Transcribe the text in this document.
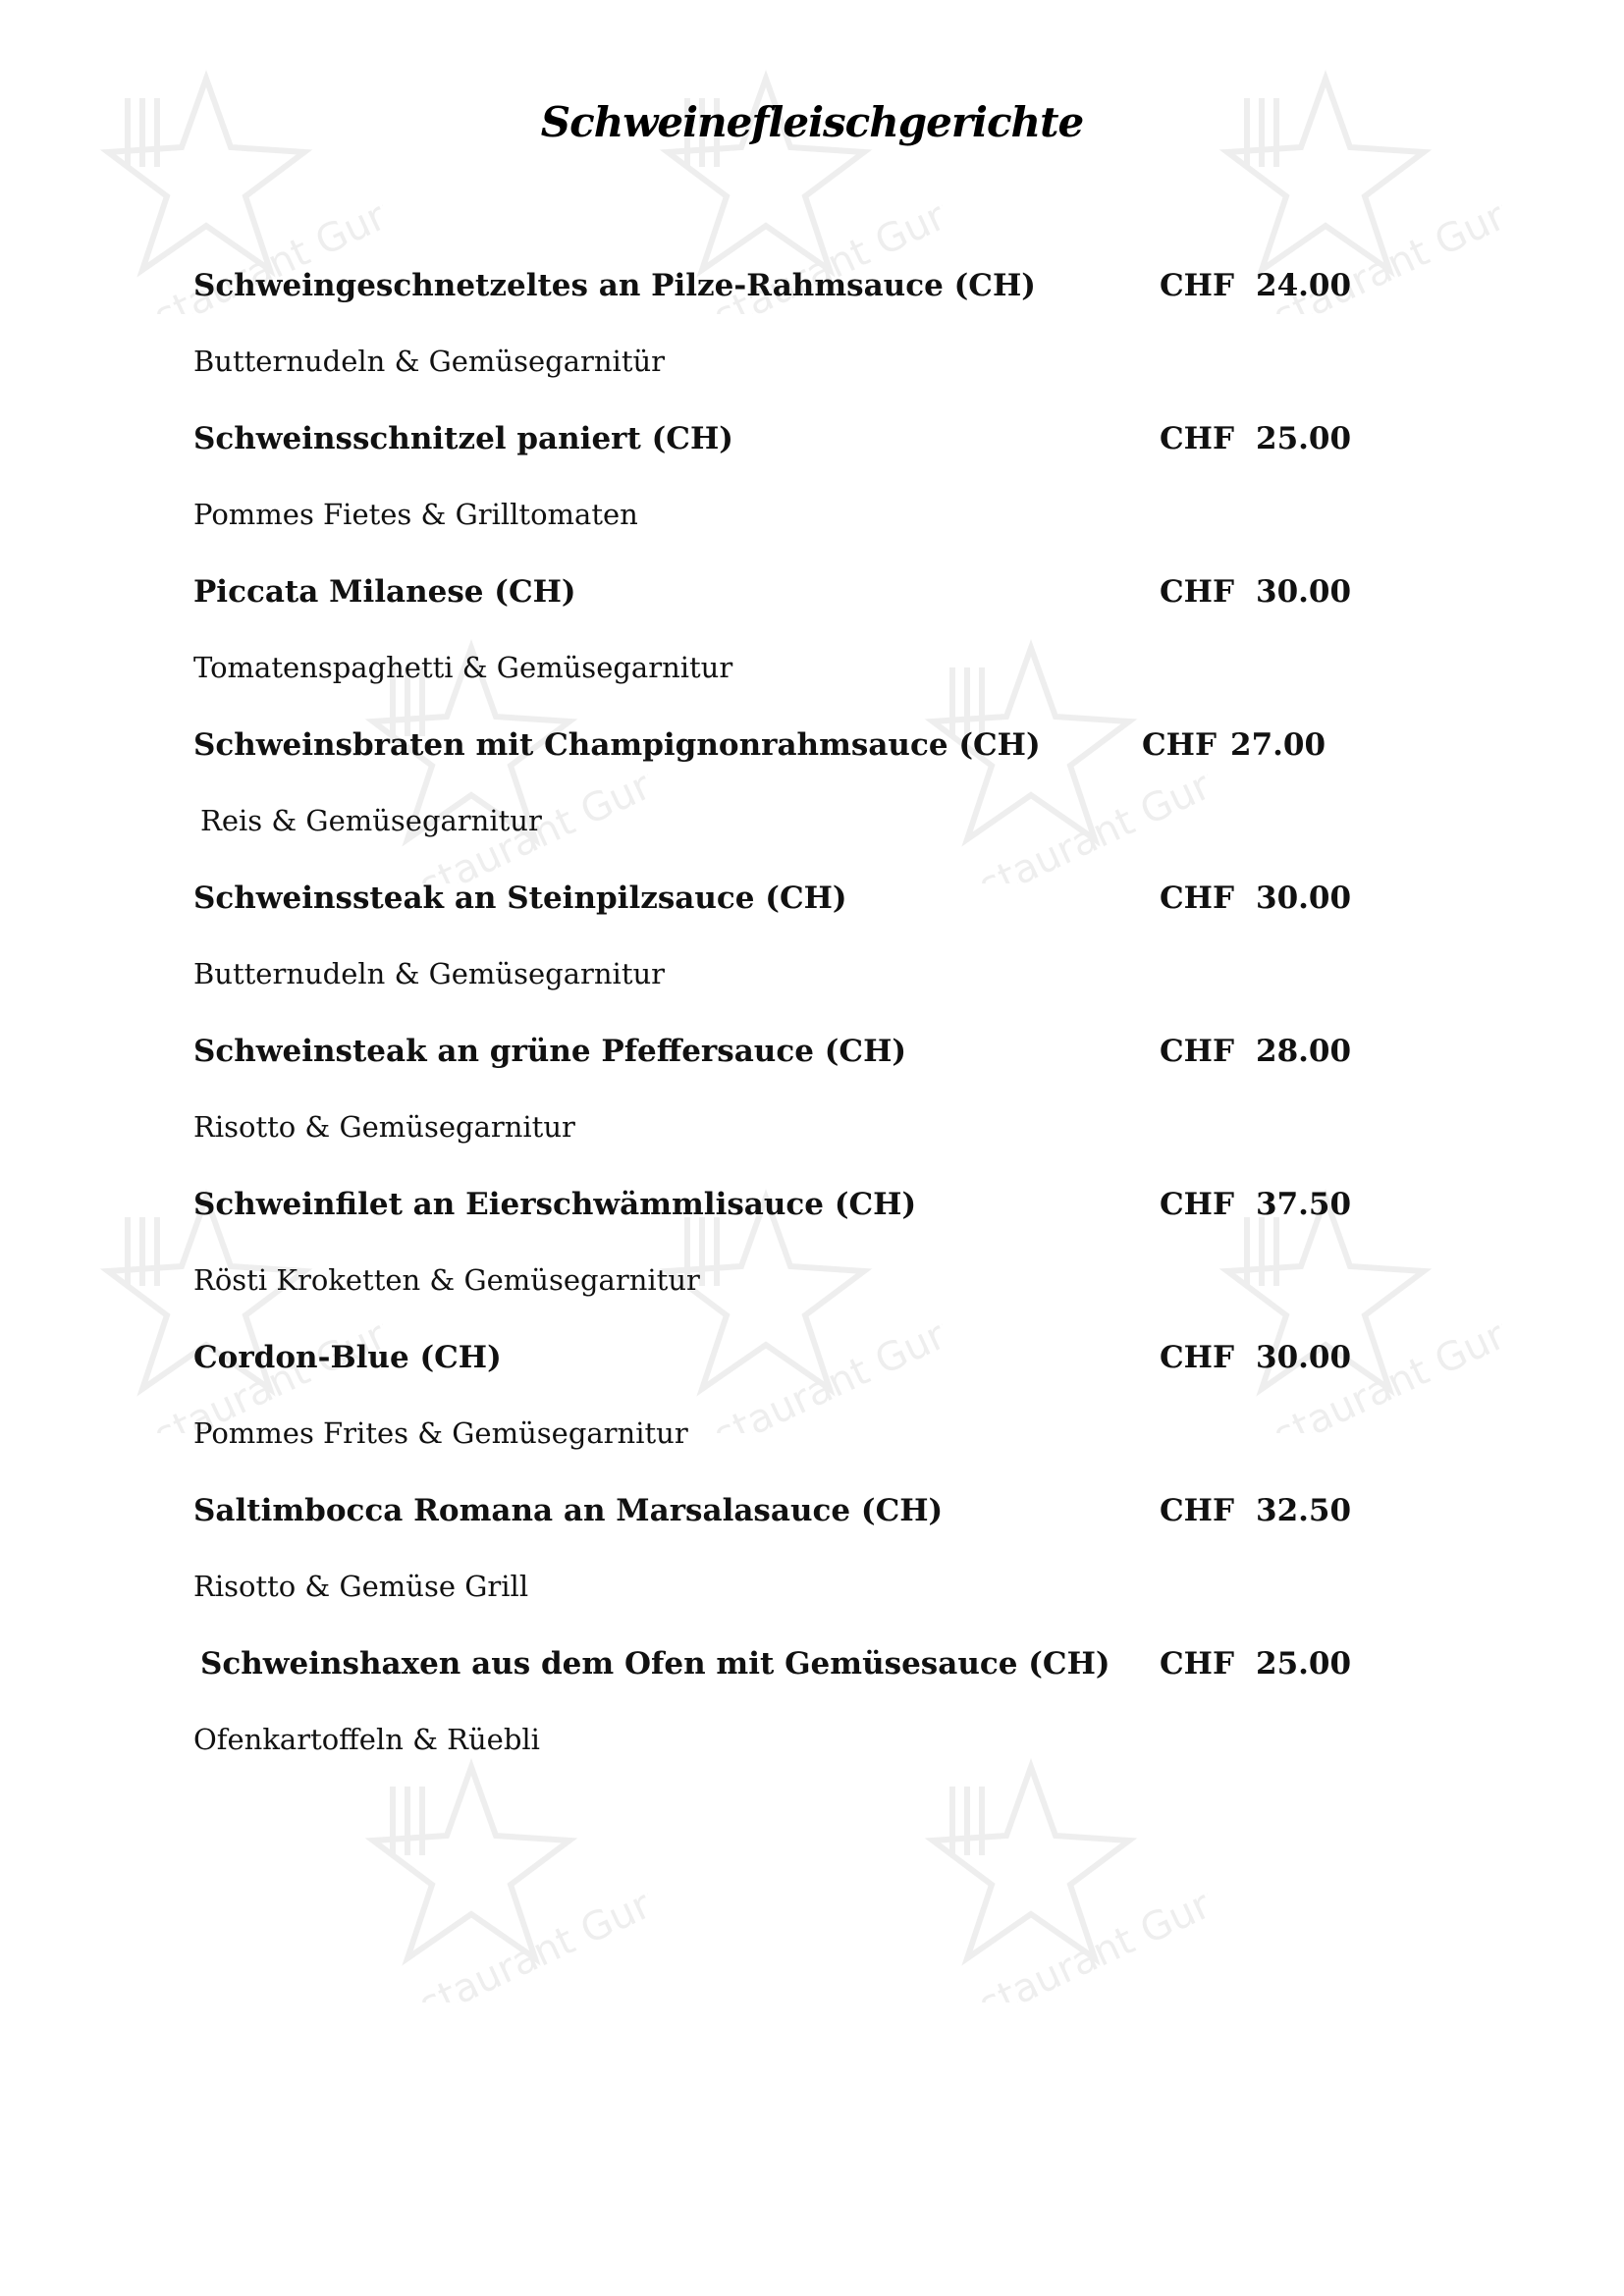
Restaurant Guru
Restaurant Guru
Restaurant Guru
Restaurant Guru
Restaurant Guru
Restaurant Guru
Restaurant Guru
Restaurant Guru
Restaurant Guru
Restaurant Guru
Schweinefleischgerichte
Schweingeschnetzeltes an Pilze-Rahmsauce (CH)	CHF 24.00
Butternudeln & Gemüsegarnitür
Schweinsschnitzel paniert (CH)	CHF 25.00
Pommes Fietes & Grilltomaten
Piccata Milanese (CH)	CHF 30.00
Tomatenspaghetti & Gemüsegarnitur
Schweinsbraten mit Champignonrahmsauce (CH)	CHF 27.00
Reis & Gemüsegarnitur
Schweinssteak an Steinpilzsauce (CH)	CHF 30.00
Butternudeln & Gemüsegarnitur
Schweinsteak an grüne Pfeffersauce (CH)	CHF 28.00
Risotto & Gemüsegarnitur
Schweinfilet an Eierschwämmlisauce (CH)	CHF 37.50
Rösti Kroketten & Gemüsegarnitur
Cordon-Blue (CH)	CHF 30.00
Pommes Frites & Gemüsegarnitur
Saltimbocca Romana an Marsalasauce (CH)	CHF 32.50
Risotto & Gemüse Grill
Schweinshaxen aus dem Ofen mit Gemüsesauce (CH) CHF 25.00
Ofenkartoffeln & Rüebli
